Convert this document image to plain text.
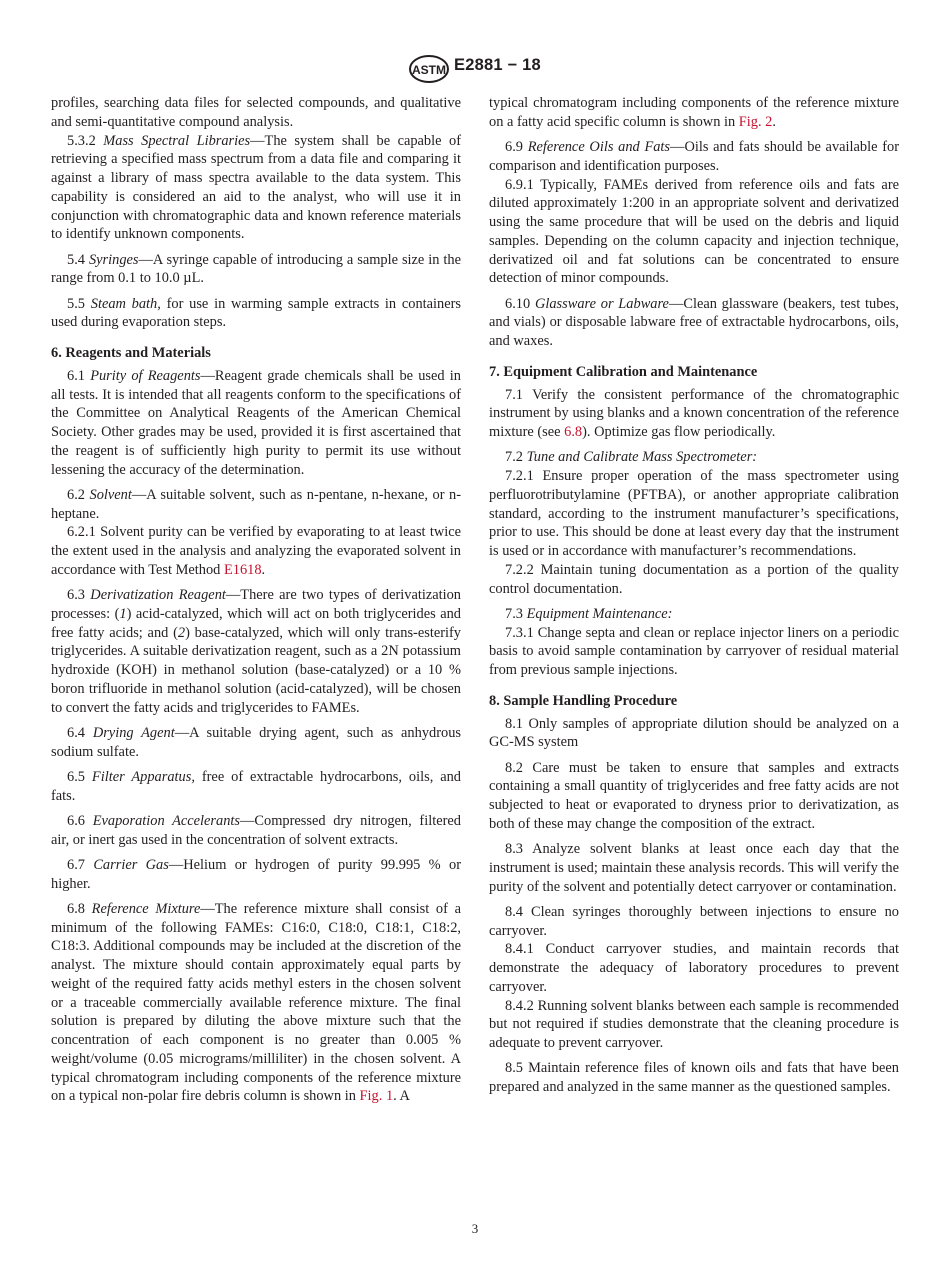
ASTM E2881 − 18
profiles, searching data files for selected compounds, and qualitative and semi-quantitative compound analysis.
5.3.2 Mass Spectral Libraries—The system shall be capable of retrieving a specified mass spectrum from a data file and comparing it against a library of mass spectra available to the data system. This capability is considered an aid to the analyst, who will use it in conjunction with chromatographic data and known reference materials to identify unknown components.
5.4 Syringes—A syringe capable of introducing a sample size in the range from 0.1 to 10.0 µL.
5.5 Steam bath, for use in warming sample extracts in containers used during evaporation steps.
6. Reagents and Materials
6.1 Purity of Reagents—Reagent grade chemicals shall be used in all tests. It is intended that all reagents conform to the specifications of the Committee on Analytical Reagents of the American Chemical Society. Other grades may be used, provided it is first ascertained that the reagent is of sufficiently high purity to permit its use without lessening the accuracy of the determination.
6.2 Solvent—A suitable solvent, such as n-pentane, n-hexane, or n-heptane.
6.2.1 Solvent purity can be verified by evaporating to at least twice the extent used in the analysis and analyzing the evaporated solvent in accordance with Test Method E1618.
6.3 Derivatization Reagent—There are two types of derivatization processes: (1) acid-catalyzed, which will act on both triglycerides and free fatty acids; and (2) base-catalyzed, which will only trans-esterify triglycerides. A suitable derivatization reagent, such as a 2N potassium hydroxide (KOH) in methanol solution (base-catalyzed) or a 10 % boron trifluoride in methanol solution (acid-catalyzed), will be chosen to convert the fatty acids and triglycerides to FAMEs.
6.4 Drying Agent—A suitable drying agent, such as anhydrous sodium sulfate.
6.5 Filter Apparatus, free of extractable hydrocarbons, oils, and fats.
6.6 Evaporation Accelerants—Compressed dry nitrogen, filtered air, or inert gas used in the concentration of solvent extracts.
6.7 Carrier Gas—Helium or hydrogen of purity 99.995 % or higher.
6.8 Reference Mixture—The reference mixture shall consist of a minimum of the following FAMEs: C16:0, C18:0, C18:1, C18:2, C18:3. Additional compounds may be included at the discretion of the analyst. The mixture should contain approximately equal parts by weight of the required fatty acids methyl esters in the chosen solvent or a traceable commercially available reference mixture. The final solution is prepared by diluting the above mixture such that the concentration of each component is no greater than 0.005 % weight/volume (0.05 micrograms/milliliter) in the chosen solvent. A typical chromatogram including components of the reference mixture on a typical non-polar fire debris column is shown in Fig. 1. A
typical chromatogram including components of the reference mixture on a fatty acid specific column is shown in Fig. 2.
6.9 Reference Oils and Fats—Oils and fats should be available for comparison and identification purposes.
6.9.1 Typically, FAMEs derived from reference oils and fats are diluted approximately 1:200 in an appropriate solvent and derivatized using the same procedure that will be used on the debris and liquid samples. Depending on the column capacity and injection technique, derivatized oil and fat solutions can be concentrated to ensure detection of minor compounds.
6.10 Glassware or Labware—Clean glassware (beakers, test tubes, and vials) or disposable labware free of extractable hydrocarbons, oils, and waxes.
7. Equipment Calibration and Maintenance
7.1 Verify the consistent performance of the chromatographic instrument by using blanks and a known concentration of the reference mixture (see 6.8). Optimize gas flow periodically.
7.2 Tune and Calibrate Mass Spectrometer:
7.2.1 Ensure proper operation of the mass spectrometer using perfluorotributylamine (PFTBA), or another appropriate calibration standard, according to the instrument manufacturer’s specifications, prior to use. This should be done at least every day that the instrument is used or in accordance with manufacturer’s recommendations.
7.2.2 Maintain tuning documentation as a portion of the quality control documentation.
7.3 Equipment Maintenance:
7.3.1 Change septa and clean or replace injector liners on a periodic basis to avoid sample contamination by carryover of residual material from previous sample injections.
8. Sample Handling Procedure
8.1 Only samples of appropriate dilution should be analyzed on a GC-MS system
8.2 Care must be taken to ensure that samples and extracts containing a small quantity of triglycerides and free fatty acids are not subjected to heat or evaporated to dryness prior to derivatization, as both of these may change the composition of the extract.
8.3 Analyze solvent blanks at least once each day that the instrument is used; maintain these analysis records. This will verify the purity of the solvent and potentially detect carryover or contamination.
8.4 Clean syringes thoroughly between injections to ensure no carryover.
8.4.1 Conduct carryover studies, and maintain records that demonstrate the adequacy of laboratory procedures to prevent carryover.
8.4.2 Running solvent blanks between each sample is recommended but not required if studies demonstrate that the cleaning procedure is adequate to prevent carryover.
8.5 Maintain reference files of known oils and fats that have been prepared and analyzed in the same manner as the questioned samples.
3
